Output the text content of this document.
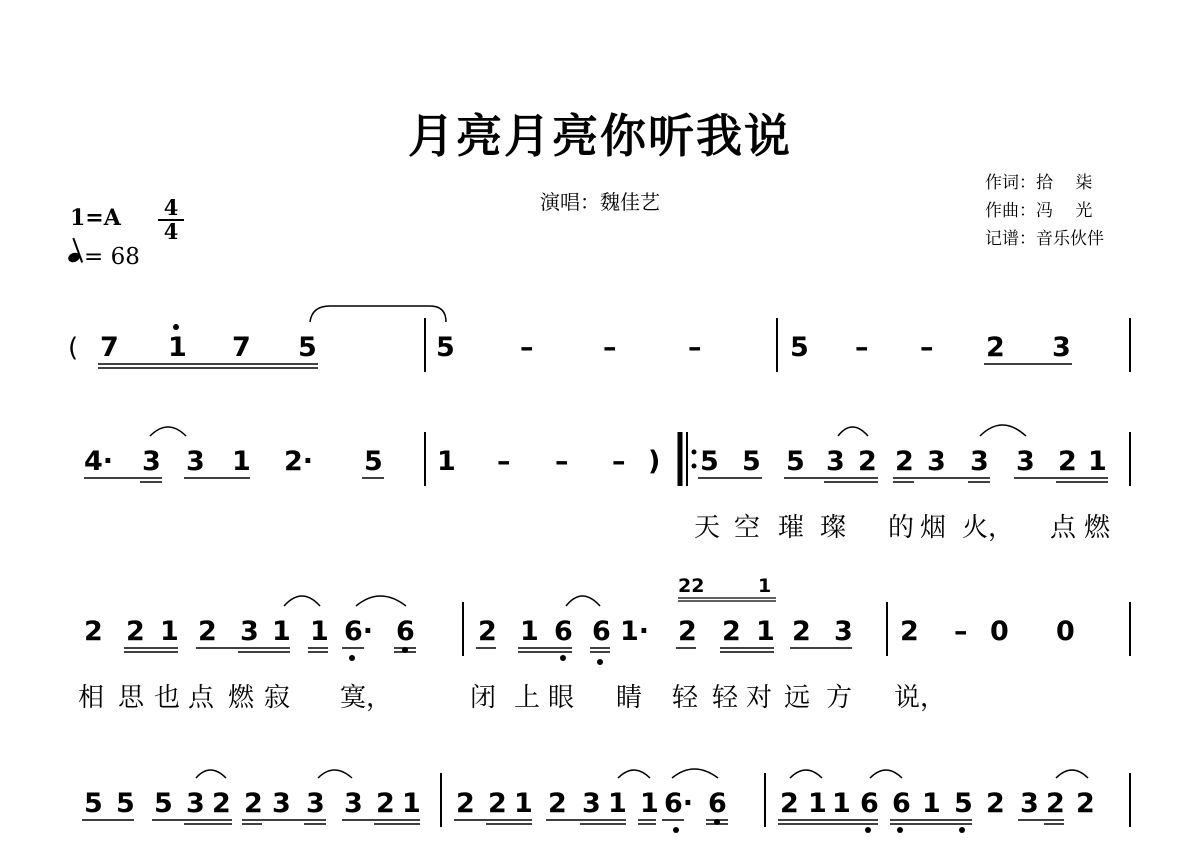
月亮月亮你听我说
演唱：魏佳艺
作词：拾　 柒
作曲：冯　 光
记谱：音乐伙伴
1=A 4
4
= 68
( 7 1 7 5	5 –	–	–	5 – – 2 3
4· 3 3 1 2· 5 1 – – – ) 5 5 5 3 2 2 3 3 3 2 1
天 空 璀 璨 的 烟 火， 点 燃
2 2 1 2 3 1 1 6· 6 2 1 6 6 1·
22	1
2 2 1 2 3 2 – 0 0
相 思 也 点 燃 寂 寞，	闭 上 眼 睛 轻 轻 对 远 方 说，
5 5 5 3 2 2 3 3 3 2 1 2 2 1 2 3 1 1 6· 6 2 1 1 6 6 1 5 2 3 2 2
